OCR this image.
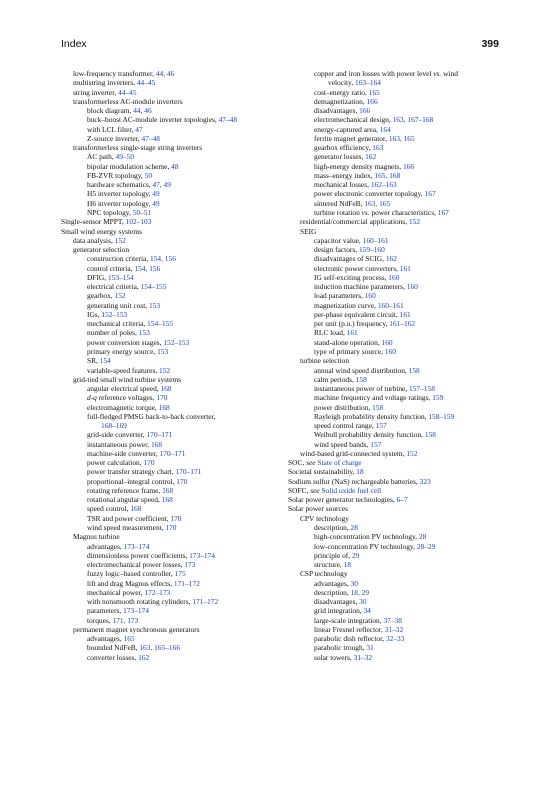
Index	399
low-frequency transformer, 44, 46
multistring inverters, 44–45
string inverter, 44–45
transformerless AC-module inverters
block diagram, 44, 46
buck–boost AC-module inverter topologies, 47–48
with LCL filter, 47
Z-source inverter, 47–48
transformerless single-stage string inverters
AC path, 49–50
bipolar modulation scheme, 48
FB-ZVR topology, 50
hardware schematics, 47, 49
H5 inverter topology, 49
H6 inverter topology, 49
NPC topology, 50–51
Single-sensor MPPT, 102–103
Small wind energy systems
data analysis, 152
generator selection
construction criteria, 154, 156
control criteria, 154, 156
DFIG, 153–154
electrical criteria, 154–155
gearbox, 152
generating unit cost, 153
IGs, 152–153
mechanical criteria, 154–155
number of poles, 153
power conversion stages, 152–153
primary energy source, 153
SR, 154
variable-speed features, 152
grid-tied small wind turbine systems
angular electrical speed, 168
d-q reference voltages, 170
electromagnetic torque, 168
full-fledged PMSG back-to-back converter,
168–169
grid-side converter, 170–171
instantaneous power, 168
machine-side converter, 170–171
power calculation, 170
power transfer strategy chart, 170–171
proportional–integral control, 170
rotating reference frame, 168
rotational angular speed, 168
speed control, 168
TSR and power coefficient, 170
wind speed measurement, 170
Magnus turbine
advantages, 173–174
dimensionless power coefficients, 173–174
electromechanical power losses, 173
fuzzy logic–based controller, 175
lift and drag Magnus effects, 171–172
mechanical power, 172–173
with nonsmooth rotating cylinders, 171–172
parameters, 173–174
torques, 171, 173
permanent magnet synchronous generators
advantages, 165
bounded NdFeB, 163, 165–166
converter losses, 162
copper and iron losses with power level vs. wind
velocity, 163–164
cost–energy ratio, 165
demagnetization, 166
disadvantages, 166
electromechanical design, 163, 167–168
energy-captured area, 164
ferrite magnet generator, 163, 165
gearbox efficiency, 163
generator losses, 162
high-energy density magnets, 166
mass–energy index, 165, 168
mechanical losses, 162–163
power electronic converter topology, 167
sintered NdFeB, 163, 165
turbine rotation vs. power characteristics, 167
residential/commercial applications, 152
SEIG
capacitor value, 160–161
design factors, 159–160
disadvantages of SCIG, 162
electronic power converters, 161
IG self-exciting process, 160
induction machine parameters, 160
load parameters, 160
magnetization curve, 160–161
per-phase equivalent circuit, 161
per unit (p.u.) frequency, 161–162
RLC load, 161
stand-alone operation, 160
type of primary source, 160
turbine selection
annual wind speed distribution, 158
calm periods, 158
instantaneous power of turbine, 157–158
machine frequency and voltage ratings, 159
power distribution, 158
Rayleigh probability density function, 158–159
speed control range, 157
Weibull probability density function, 158
wind speed bands, 157
wind-based grid-connected system, 152
SOC, see State of charge
Societal sustainability, 18
Sodium sulfur (NaS) rechargeable batteries, 323
SOFC, see Solid oxide fuel cell
Solar power generator technologies, 6–7
Solar power sources
CPV technology
description, 28
high-concentration PV technology, 28
low-concentration PV technology, 28–29
principle of, 29
structure, 18
CSP technology
advantages, 30
description, 18, 29
disadvantages, 30
grid integration, 34
large-scale integration, 37–38
linear Fresnel reflector, 31–32
parabolic dish reflector, 32–33
parabolic trough, 31
solar towers, 31–32
